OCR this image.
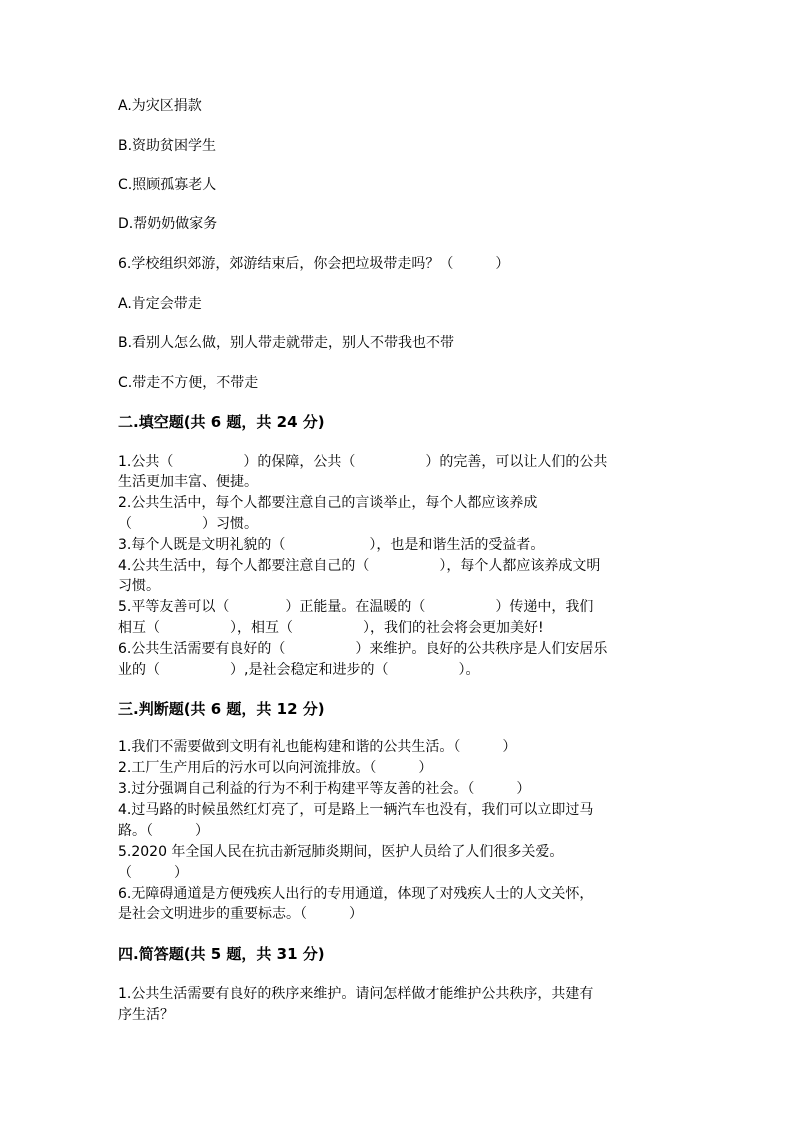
A.为灾区捐款
B.资助贫困学生
C.照顾孤寡老人
D.帮奶奶做家务
6.学校组织郊游，郊游结束后，你会把垃圾带走吗？（　　　）
A.肯定会带走
B.看别人怎么做，别人带走就带走，别人不带我也不带
C.带走不方便，不带走
二.填空题(共 6 题，共 24 分)
1.公共（　　　　　）的保障，公共（　　　　　）的完善，可以让人们的公共
生活更加丰富、便捷。
2.公共生活中，每个人都要注意自己的言谈举止，每个人都应该养成
（　　　　　）习惯。
3.每个人既是文明礼貌的（　　　　　　），也是和谐生活的受益者。
4.公共生活中，每个人都要注意自己的（　　　　　），每个人都应该养成文明
习惯。
5.平等友善可以（　　　　）正能量。在温暖的（　　　　　）传递中，我们
相互（　　　　　），相互（　　　　　），我们的社会将会更加美好!
6.公共生活需要有良好的（　　　　　）来维护。良好的公共秩序是人们安居乐
业的（　　　　　）,是社会稳定和进步的（　　　　　）。
三.判断题(共 6 题，共 12 分)
1.我们不需要做到文明有礼也能构建和谐的公共生活。（　　　）
2.工厂生产用后的污水可以向河流排放。（　　　）
3.过分强调自己利益的行为不利于构建平等友善的社会。（　　　）
4.过马路的时候虽然红灯亮了，可是路上一辆汽车也没有，我们可以立即过马
路。（　　　）
5.2020 年全国人民在抗击新冠肺炎期间，医护人员给了人们很多关爱。
（　　　）
6.无障碍通道是方便残疾人出行的专用通道，体现了对残疾人士的人文关怀，
是社会文明进步的重要标志。（　　　）
四.简答题(共 5 题，共 31 分)
1.公共生活需要有良好的秩序来维护。请问怎样做才能维护公共秩序，共建有
序生活？
